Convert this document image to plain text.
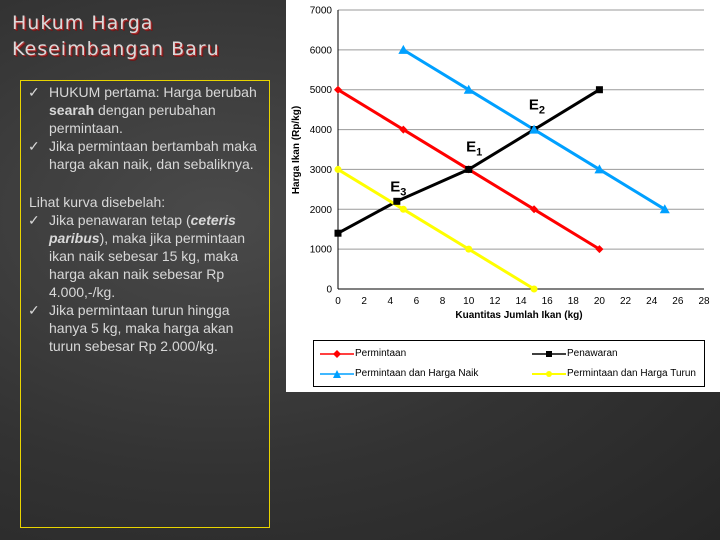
Hukum Harga
Keseimbangan Baru
✓ HUKUM pertama: Harga berubah searah dengan perubahan permintaan.
✓ Jika permintaan bertambah maka harga akan naik, dan sebaliknya.
Lihat kurva disebelah:
✓ Jika penawaran tetap (ceteris paribus), maka jika permintaan ikan naik sebesar 15 kg, maka harga akan naik sebesar Rp 4.000,-/kg.
✓ Jika permintaan turun hingga hanya 5 kg, maka harga akan turun sebesar Rp 2.000/kg.
0
1000
2000
3000
4000
5000
6000
7000
0 2 4 6 8 10 12 14 16 18 20 22 24 26 28
$E_1$
$E_2$
$E_3$
Kuantitas Jumlah Ikan (kg)
Harga Ikan (Rp/kg)
Permintaan	Penawaran
Permintaan dan Harga Naik	Permintaan dan Harga Turun
